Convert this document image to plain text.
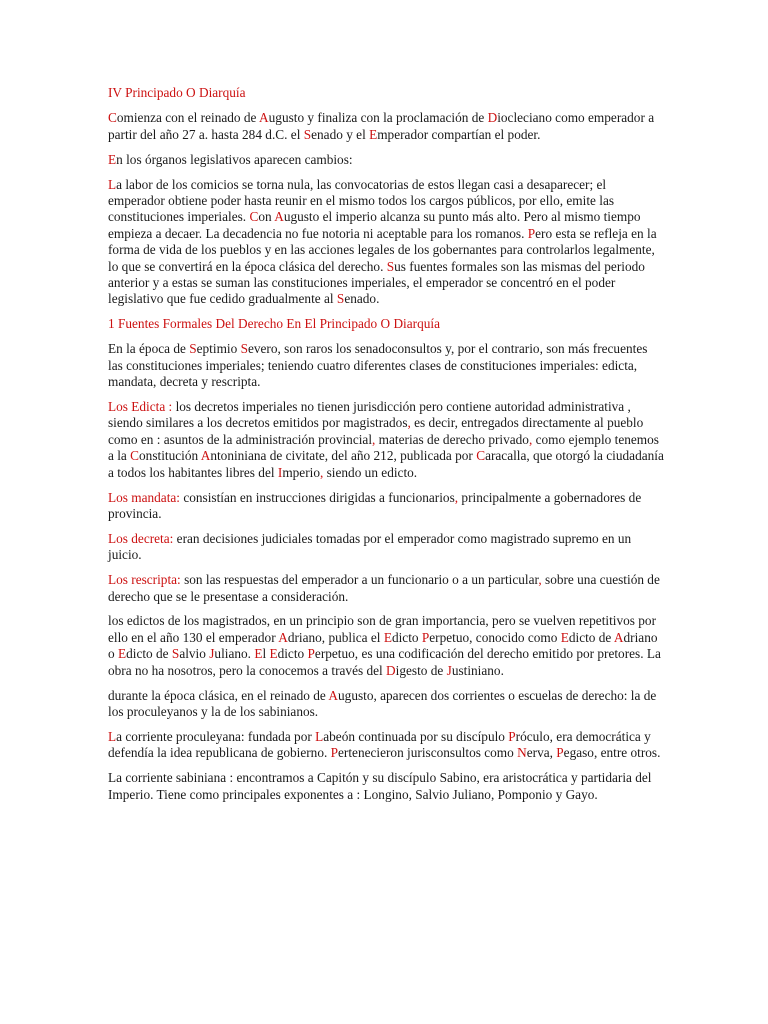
IV Principado O Diarquía

Comienza con el reinado de Augusto y finaliza con la proclamación de Diocleciano como emperador a partir del año 27 a. hasta 284 d.C. el Senado y el Emperador compartían el poder.

En los órganos legislativos aparecen cambios:

La labor de los comicios se torna nula, las convocatorias de estos llegan casi a desaparecer; el emperador obtiene poder hasta reunir en el mismo todos los cargos públicos, por ello, emite las constituciones imperiales. Con Augusto el imperio alcanza su punto más alto. Pero al mismo tiempo empieza a decaer. La decadencia no fue notoria ni aceptable para los romanos. Pero esta se refleja en la forma de vida de los pueblos y en las acciones legales de los gobernantes para controlarlos legalmente, lo que se convertirá en la época clásica del derecho. Sus fuentes formales son las mismas del periodo anterior y a estas se suman las constituciones imperiales, el emperador se concentró en el poder legislativo que fue cedido gradualmente al Senado.

1 Fuentes Formales Del Derecho En El Principado O Diarquía

En la época de Septimio Severo, son raros los senadoconsultos y, por el contrario, son más frecuentes las constituciones imperiales; teniendo cuatro diferentes clases de constituciones imperiales: edicta, mandata, decreta y rescripta.

Los Edicta : los decretos imperiales no tienen jurisdicción pero contiene autoridad administrativa , siendo similares a los decretos emitidos por magistrados, es decir, entregados directamente al pueblo como en : asuntos de la administración provincial, materias de derecho privado, como ejemplo tenemos a la Constitución Antoniniana de civitate, del año 212, publicada por Caracalla, que otorgó la ciudadanía a todos los habitantes libres del Imperio, siendo un edicto.

Los mandata: consistían en instrucciones dirigidas a funcionarios, principalmente a gobernadores de provincia.

Los decreta: eran decisiones judiciales tomadas por el emperador como magistrado supremo en un juicio.

Los rescripta: son las respuestas del emperador a un funcionario o a un particular, sobre una cuestión de derecho que se le presentase a consideración.

los edictos de los magistrados, en un principio son de gran importancia, pero se vuelven repetitivos por ello en el año 130 el emperador Adriano, publica el Edicto Perpetuo, conocido como Edicto de Adriano o Edicto de Salvio Juliano. El Edicto Perpetuo, es una codificación del derecho emitido por pretores. La obra no ha nosotros, pero la conocemos a través del Digesto de Justiniano.

durante la época clásica, en el reinado de Augusto, aparecen dos corrientes o escuelas de derecho: la de los proculeyanos y la de los sabinianos.

La corriente proculeyana: fundada por Labeón continuada por su discípulo Próculo, era democrática y defendía la idea republicana de gobierno. Pertenecieron jurisconsultos como Nerva, Pegaso, entre otros.

La corriente sabiniana : encontramos a Capitón y su discípulo Sabino, era aristocrática y partidaria del Imperio. Tiene como principales exponentes a : Longino, Salvio Juliano, Pomponio y Gayo.
